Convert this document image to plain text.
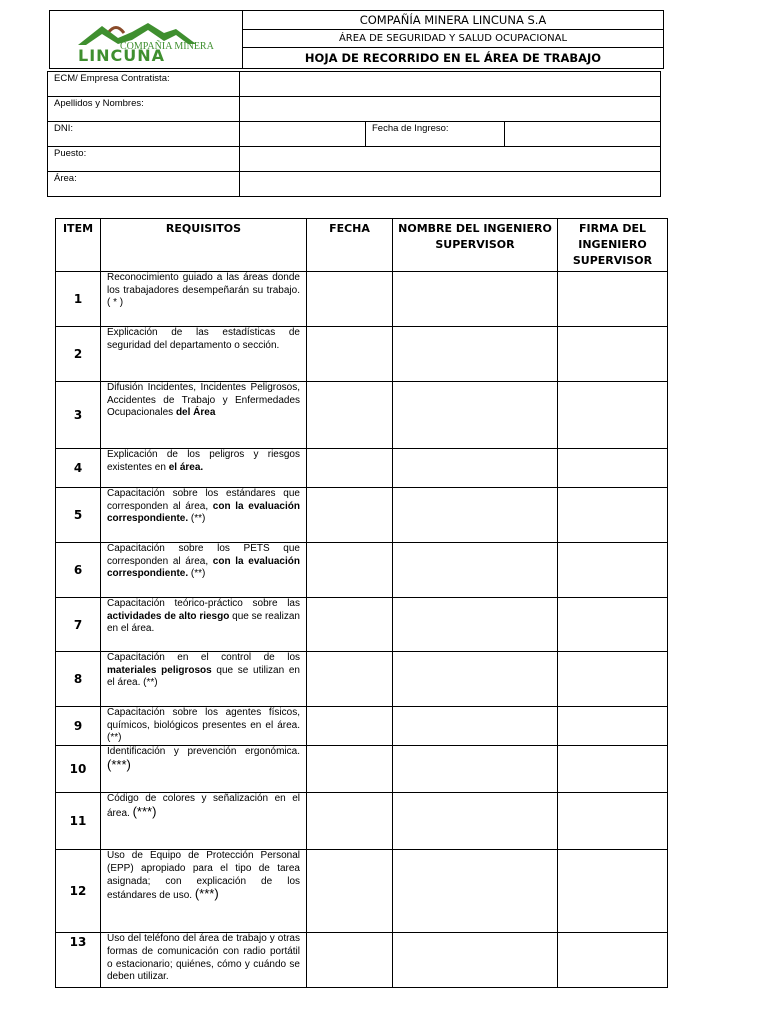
COMPAÑIA MINERA
LINCUNA
	COMPAÑÍA MINERA LINCUNA S.A
ÁREA DE SEGURIDAD Y SALUD OCUPACIONAL
HOJA DE RECORRIDO EN EL ÁREA DE TRABAJO
ECM/ Empresa Contratista:			
Apellidos y Nombres:			
DNI:		Fecha de Ingreso:	
Puesto:			
Área:			
ITEM	REQUISITOS	FECHA	NOMBRE DEL INGENIERO SUPERVISOR	FIRMA DEL INGENIERO SUPERVISOR
1	Reconocimiento guiado a las áreas donde los trabajadores desempeñarán su trabajo. ( * )			

2	Explicación de las estadísticas de seguridad del departamento o sección.			

3	Difusión Incidentes, Incidentes Peligrosos, Accidentes de Trabajo y Enfermedades Ocupacionales del Área			

4	Explicación de los peligros y riesgos existentes en el área.			

5	Capacitación sobre los estándares que corresponden al área, con la evaluación correspondiente. (**)			

6	Capacitación sobre los PETS que corresponden al área, con la evaluación correspondiente. (**)			

7	Capacitación teórico-práctico sobre las actividades de alto riesgo que se realizan en el área.			

8	Capacitación en el control de los materiales peligrosos que se utilizan en el área. (**)			

9	Capacitación sobre los agentes físicos, químicos, biológicos presentes en el área. (**)			

10	Identificación y prevención ergonómica. (***)			

11	Código de colores y señalización en el área. (***)			

12	Uso de Equipo de Protección Personal (EPP) apropiado para el tipo de tarea asignada; con explicación de los estándares de uso. (***)			

13	Uso del teléfono del área de trabajo y otras formas de comunicación con radio portátil o estacionario; quiénes, cómo y cuándo se deben utilizar.			
